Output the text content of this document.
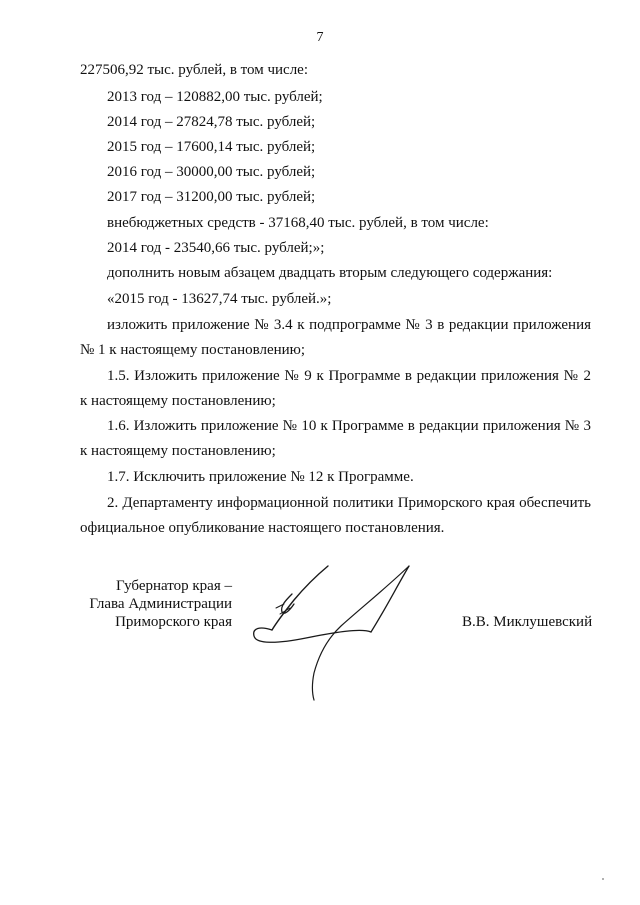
7
227506,92 тыс. рублей, в том числе:
2013 год – 120882,00 тыс. рублей;
2014 год – 27824,78 тыс. рублей;
2015 год – 17600,14 тыс. рублей;
2016 год – 30000,00 тыс. рублей;
2017 год – 31200,00 тыс. рублей;
внебюджетных средств - 37168,40 тыс. рублей, в том числе:
2014 год - 23540,66 тыс. рублей;»;
дополнить новым абзацем двадцать вторым следующего содержания:
«2015 год - 13627,74 тыс. рублей.»;
изложить приложение № 3.4 к подпрограмме № 3 в редакции приложения
№ 1 к настоящему постановлению;
1.5. Изложить приложение № 9 к Программе в редакции приложения № 2
к настоящему постановлению;
1.6. Изложить приложение № 10 к Программе в редакции приложения № 3
к настоящему постановлению;
1.7. Исключить приложение № 12 к Программе.
2. Департаменту информационной политики Приморского края обеспечить
официальное опубликование настоящего постановления.
Губернатор края –
Глава Администрации
Приморского края	В.В. Миклушевский
